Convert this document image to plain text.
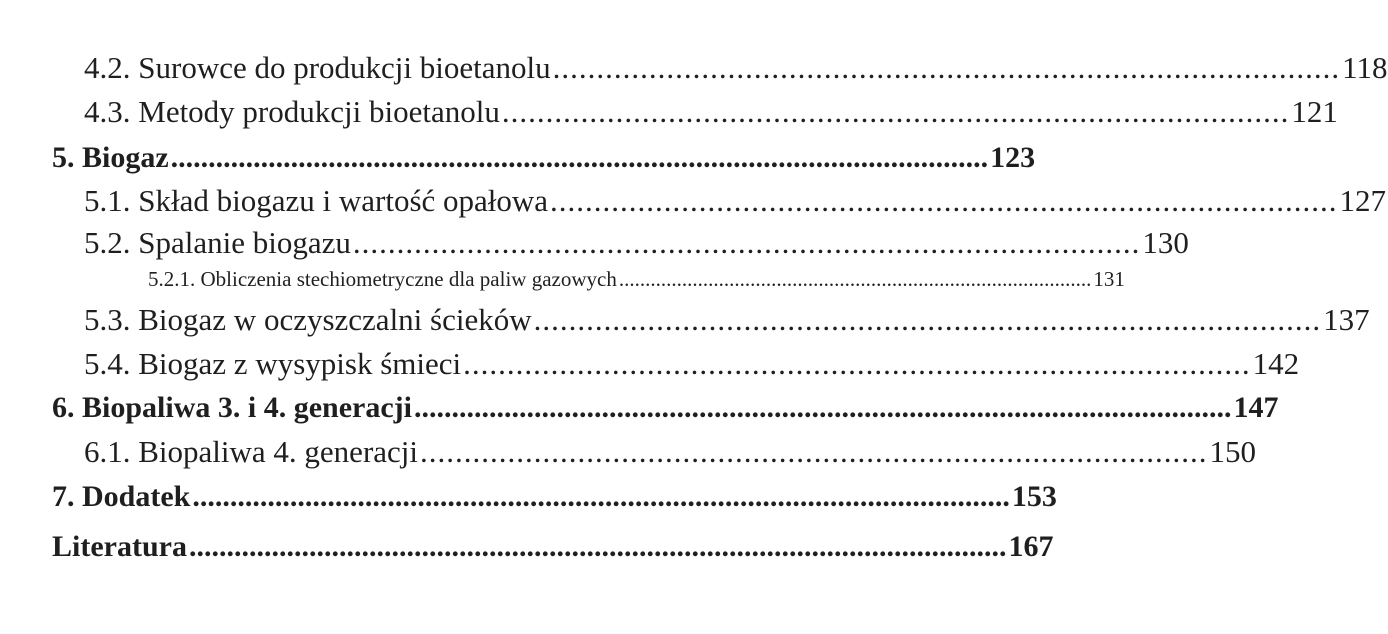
4.2. Surowce do produkcji bioetanolu .......................................................................................... 118
4.3. Metody produkcji bioetanolu .......................................................................................... 121
5. Biogaz ............................................................................................................. 123
5.1. Skład biogazu i wartość opałowa .......................................................................................... 127
5.2. Spalanie biogazu .......................................................................................... 130
5.2.1. Obliczenia stechiometryczne dla paliw gazowych .......................................................................................... 131
5.3. Biogaz w oczyszczalni ścieków .......................................................................................... 137
5.4. Biogaz z wysypisk śmieci .......................................................................................... 142
6. Biopaliwa 3. i 4. generacji ............................................................................................................. 147
6.1. Biopaliwa 4. generacji .......................................................................................... 150
7. Dodatek ............................................................................................................. 153
Literatura ............................................................................................................. 167
